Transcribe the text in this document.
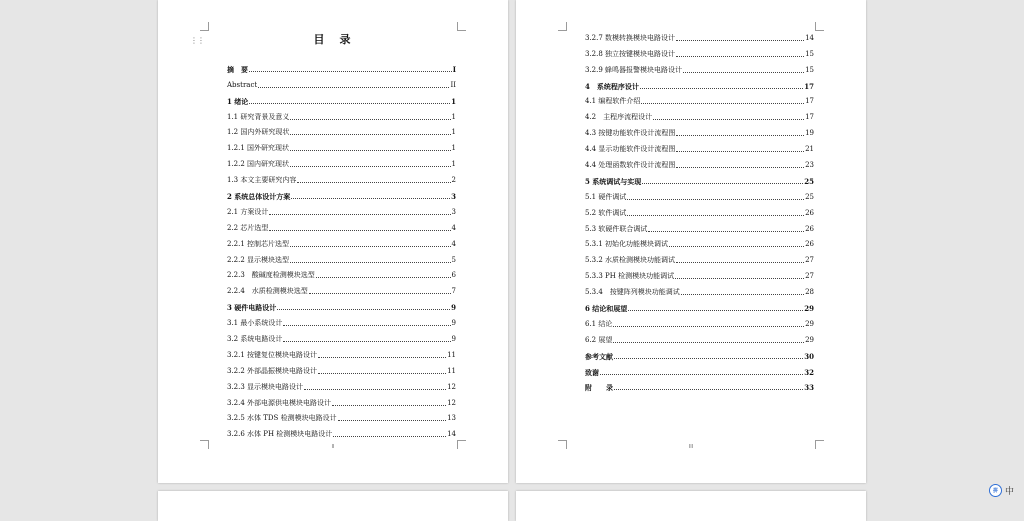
⋮⋮	目　录
摘　要	I
Abstract	II
1 绪论	1
1.1 研究背景及意义	1
1.2 国内外研究现状	1
1.2.1 国外研究现状	1
1.2.2 国内研究现状	1
1.3 本文主要研究内容	2
2 系统总体设计方案	3
2.1 方案设计	3
2.2 芯片选型	4
2.2.1 控制芯片选型	4
2.2.2 显示模块选型	5
2.2.3　酸碱度检测模块选型	6
2.2.4　水质检测模块选型	7
3 硬件电路设计	9
3.1 最小系统设计	9
3.2 系统电路设计	9
3.2.1 按键复位模块电路设计	11
3.2.2 外部晶振模块电路设计	11
3.2.3 显示模块电路设计	12
3.2.4 外部电源供电模块电路设计	12
3.2.5 水体 TDS 检测模块电路设计	13
3.2.6 水体 PH 检测模块电路设计	14
II
3.2.7 数模转换模块电路设计	14
3.2.8 独立按键模块电路设计	15
3.2.9 蜂鸣器报警模块电路设计	15
4　系统程序设计	17
4.1 编程软件介绍	17
4.2　主程序流程设计	17
4.3 按键功能软件设计流程图	19
4.4 显示功能软件设计流程图	21
4.4 处理函数软件设计流程图	23
5 系统调试与实现	25
5.1 硬件调试	25
5.2 软件调试	26
5.3 软硬件联合调试	26
5.3.1 初始化功能模块调试	26
5.3.2 水质检测模块功能调试	27
5.3.3 PH 检测模块功能调试	27
5.3.4　按键阵列模块功能调试	28
6 结论和展望	29
6.1 结论	29
6.2 展望	29
参考文献	30
致谢	32
附　　录	33
III
拼 中
